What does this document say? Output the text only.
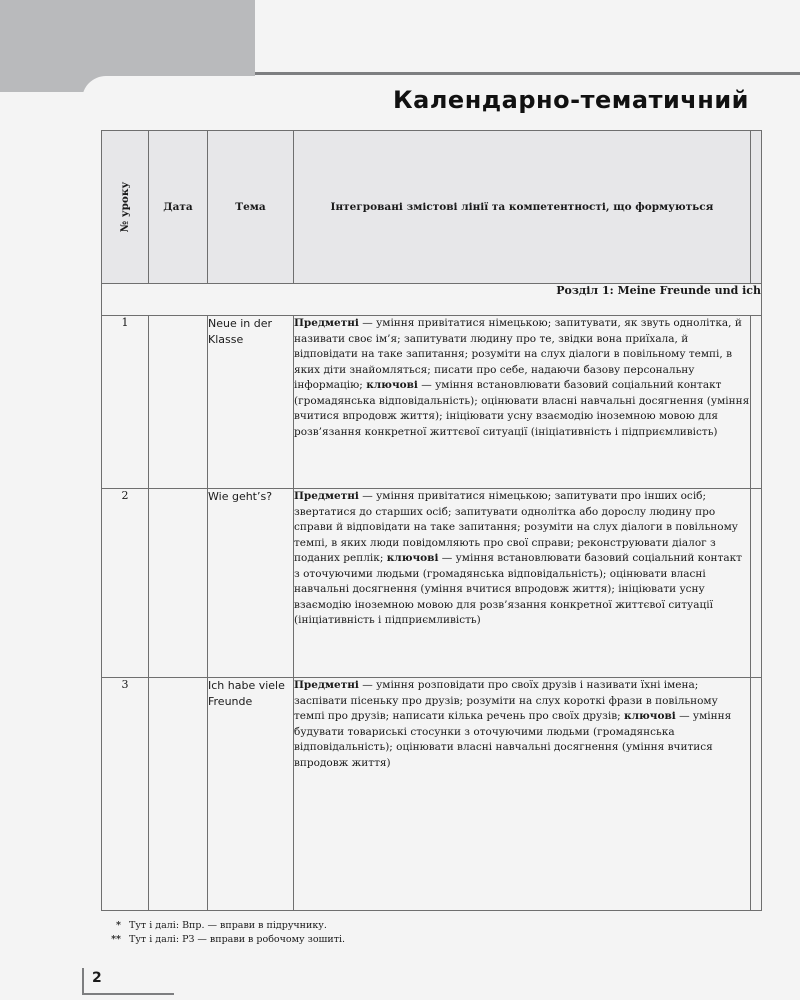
Календарно-тематичний
№ уроку	Дата	Тема	Інтегровані змістові лінії та компетентності, що формуються	
Розділ 1: Meine Freunde und ich				
1		Neue in der Klasse	Предметні — уміння привітатися німецькою; запитувати, як звуть однолітка, й називати своє ім’я; запитувати людину про те, звідки вона приїхала, й відповідати на таке запитання; розуміти на слух діалоги в повільному темпі, в яких діти знайомляться; писати про себе, надаючи базову персональну інформацію; ключові — уміння встановлювати базовий соціальний контакт (громадянська відповідальність); оцінювати власні навчальні досягнення (уміння вчитися впродовж життя); ініціювати усну взаємодію іноземною мовою для розв’язання конкретної життєвої ситуації (ініціативність і підприємливість)	
2		Wie geht’s?	Предметні — уміння привітатися німецькою; запитувати про інших осіб; звертатися до старших осіб; запитувати однолітка або дорослу людину про справи й відповідати на таке запитання; розуміти на слух діалоги в повільному темпі, в яких люди повідомляють про свої справи; реконструювати діалог з поданих реплік; ключові — уміння встановлювати базовий соціальний контакт з оточуючими людьми (громадянська відповідальність); оцінювати власні навчальні досягнення (уміння вчитися впродовж життя); ініціювати усну взаємодію іноземною мовою для розв’язання конкретної життєвої ситуації (ініціативність і підприємливість)	
3		Ich habe viele Freunde	Предметні — уміння розповідати про своїх друзів і називати їхні імена; заспівати пісеньку про друзів; розуміти на слух короткі фрази в повільному темпі про друзів; написати кілька речень про своїх друзів; ключові — уміння будувати товариські стосунки з оточуючими людьми (громадянська відповідальність); оцінювати власні навчальні досягнення (уміння вчитися впродовж життя)	
* Тут і далі: Впр. — вправи в підручнику.
** Тут і далі: РЗ — вправи в робочому зошиті.
2
